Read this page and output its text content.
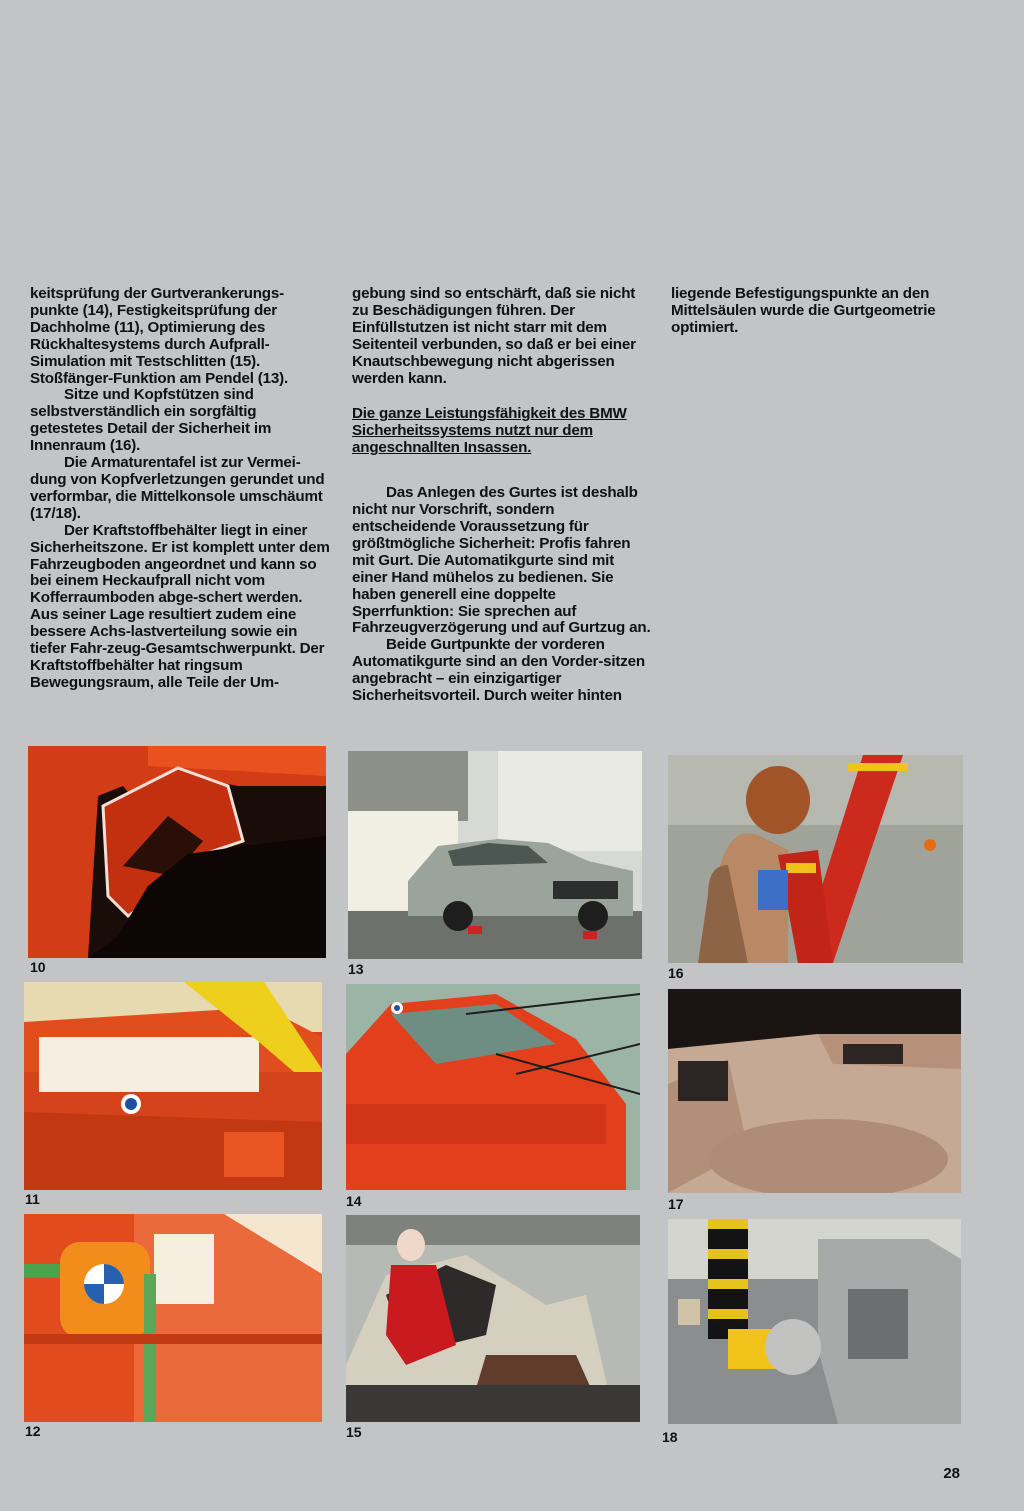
keitsprüfung der Gurtverankerungs-punkte (14), Festigkeitsprüfung der Dachholme (11), Optimierung des Rückhaltesystems durch Aufprall-Simulation mit Testschlitten (15). Stoßfänger-Funktion am Pendel (13).

Sitze und Kopfstützen sind selbstverständlich ein sorgfältig getestetes Detail der Sicherheit im Innenraum (16).

Die Armaturentafel ist zur Vermei-dung von Kopfverletzungen gerundet und verformbar, die Mittelkonsole umschäumt (17/18).

Der Kraftstoffbehälter liegt in einer Sicherheitszone. Er ist komplett unter dem Fahrzeugboden angeordnet und kann so bei einem Heckaufprall nicht vom Kofferraumboden abge-schert werden. Aus seiner Lage resultiert zudem eine bessere Achs-lastverteilung sowie ein tiefer Fahr-zeug-Gesamtschwerpunkt. Der Kraftstoffbehälter hat ringsum Bewegungsraum, alle Teile der Um-

gebung sind so entschärft, daß sie nicht zu Beschädigungen führen. Der Einfüllstutzen ist nicht starr mit dem Seitenteil verbunden, so daß er bei einer Knautschbewegung nicht abgerissen werden kann.

Die ganze Leistungsfähigkeit des BMW Sicherheitssystems nutzt nur dem angeschnallten Insassen.

Das Anlegen des Gurtes ist deshalb nicht nur Vorschrift, sondern entscheidende Voraussetzung für größtmögliche Sicherheit: Profis fahren mit Gurt. Die Automatikgurte sind mit einer Hand mühelos zu bedienen. Sie haben generell eine doppelte Sperrfunktion: Sie sprechen auf Fahrzeugverzögerung und auf Gurtzug an.

Beide Gurtpunkte der vorderen Automatikgurte sind an den Vorder-sitzen angebracht – ein einzigartiger Sicherheitsvorteil. Durch weiter hinten

liegende Befestigungspunkte an den Mittelsäulen wurde die Gurtgeometrie optimiert.

10	13	16
11	14	17
12	15	18
28
